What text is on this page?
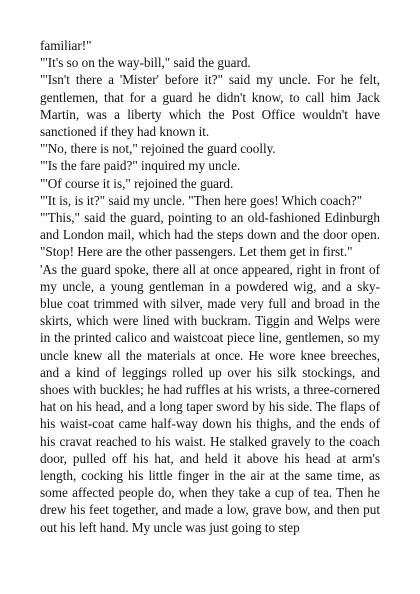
familiar!"

"'It's so on the way-bill," said the guard.

"'Isn't there a 'Mister' before it?" said my uncle. For he felt, gentlemen, that for a guard he didn't know, to call him Jack Martin, was a liberty which the Post Office wouldn't have sanctioned if they had known it.

"'No, there is not," rejoined the guard coolly.

"'Is the fare paid?" inquired my uncle.

"'Of course it is," rejoined the guard.

"'It is, is it?" said my uncle. "Then here goes! Which coach?"

"'This," said the guard, pointing to an old-fashioned Edinburgh and London mail, which had the steps down and the door open. "Stop! Here are the other passengers. Let them get in first."

'As the guard spoke, there all at once appeared, right in front of my uncle, a young gentleman in a powdered wig, and a sky-blue coat trimmed with silver, made very full and broad in the skirts, which were lined with buckram. Tiggin and Welps were in the printed calico and waistcoat piece line, gentlemen, so my uncle knew all the materials at once. He wore knee breeches, and a kind of leggings rolled up over his silk stockings, and shoes with buckles; he had ruffles at his wrists, a three-cornered hat on his head, and a long taper sword by his side. The flaps of his waist-coat came half-way down his thighs, and the ends of his cravat reached to his waist. He stalked gravely to the coach door, pulled off his hat, and held it above his head at arm's length, cocking his little finger in the air at the same time, as some affected people do, when they take a cup of tea. Then he drew his feet together, and made a low, grave bow, and then put out his left hand. My uncle was just going to step
